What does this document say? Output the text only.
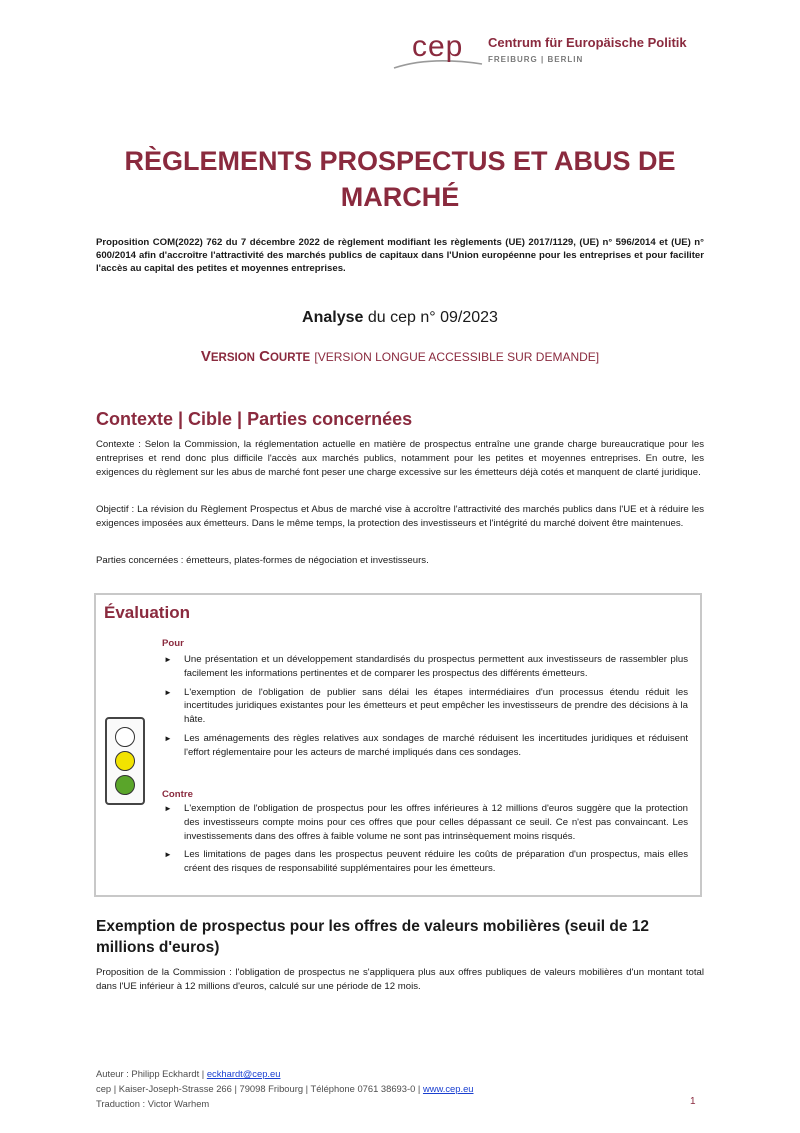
cep Centrum für Europäische Politik
FREIBURG | BERLIN
RÈGLEMENTS PROSPECTUS ET ABUS DE
MARCHÉ
Proposition COM(2022) 762 du 7 décembre 2022 de règlement modifiant les règlements (UE) 2017/1129, (UE) n° 596/2014 et (UE) n° 600/2014 afin d'accroître l'attractivité des marchés publics de capitaux dans l'Union européenne pour les entreprises et pour faciliter l'accès au capital des petites et moyennes entreprises.
Analyse du cep n° 09/2023
VERSION COURTE [VERSION LONGUE ACCESSIBLE SUR DEMANDE]
Contexte | Cible | Parties concernées

Contexte : Selon la Commission, la réglementation actuelle en matière de prospectus entraîne une grande charge bureaucratique pour les entreprises et rend donc plus difficile l'accès aux marchés publics, notamment pour les petites et moyennes entreprises. En outre, les exigences du règlement sur les abus de marché font peser une charge excessive sur les émetteurs déjà cotés et manquent de clarté juridique.

Objectif : La révision du Règlement Prospectus et Abus de marché vise à accroître l'attractivité des marchés publics dans l'UE et à réduire les exigences imposées aux émetteurs. Dans le même temps, la protection des investisseurs et l'intégrité du marché doivent être maintenues.

Parties concernées : émetteurs, plates-formes de négociation et investisseurs.

Évaluation
Pour
► Une présentation et un développement standardisés du prospectus permettent aux investisseurs de rassembler plus facilement les informations pertinentes et de comparer les prospectus des différents émetteurs.
► L'exemption de l'obligation de publier sans délai les étapes intermédiaires d'un processus étendu réduit les incertitudes juridiques existantes pour les émetteurs et peut empêcher les investisseurs de prendre des décisions à la hâte.
► Les aménagements des règles relatives aux sondages de marché réduisent les incertitudes juridiques et réduisent l'effort réglementaire pour les acteurs de marché impliqués dans ces sondages.
Contre
► L'exemption de l'obligation de prospectus pour les offres inférieures à 12 millions d'euros suggère que la protection des investisseurs compte moins pour ces offres que pour celles dépassant ce seuil. Ce n'est pas convaincant. Les investissements dans des offres à faible volume ne sont pas intrinsèquement moins risqués.
► Les limitations de pages dans les prospectus peuvent réduire les coûts de préparation d'un prospectus, mais elles créent des risques de responsabilité supplémentaires pour les émetteurs.
Exemption de prospectus pour les offres de valeurs mobilières (seuil de 12 millions d'euros)

Proposition de la Commission : l'obligation de prospectus ne s'appliquera plus aux offres publiques de valeurs mobilières d'un montant total dans l'UE inférieur à 12 millions d'euros, calculé sur une période de 12 mois.

Auteur : Philipp Eckhardt | eckhardt@cep.eu
cep | Kaiser-Joseph-Strasse 266 | 79098 Fribourg | Téléphone 0761 38693-0 | www.cep.eu
Traduction : Victor Warhem	1
